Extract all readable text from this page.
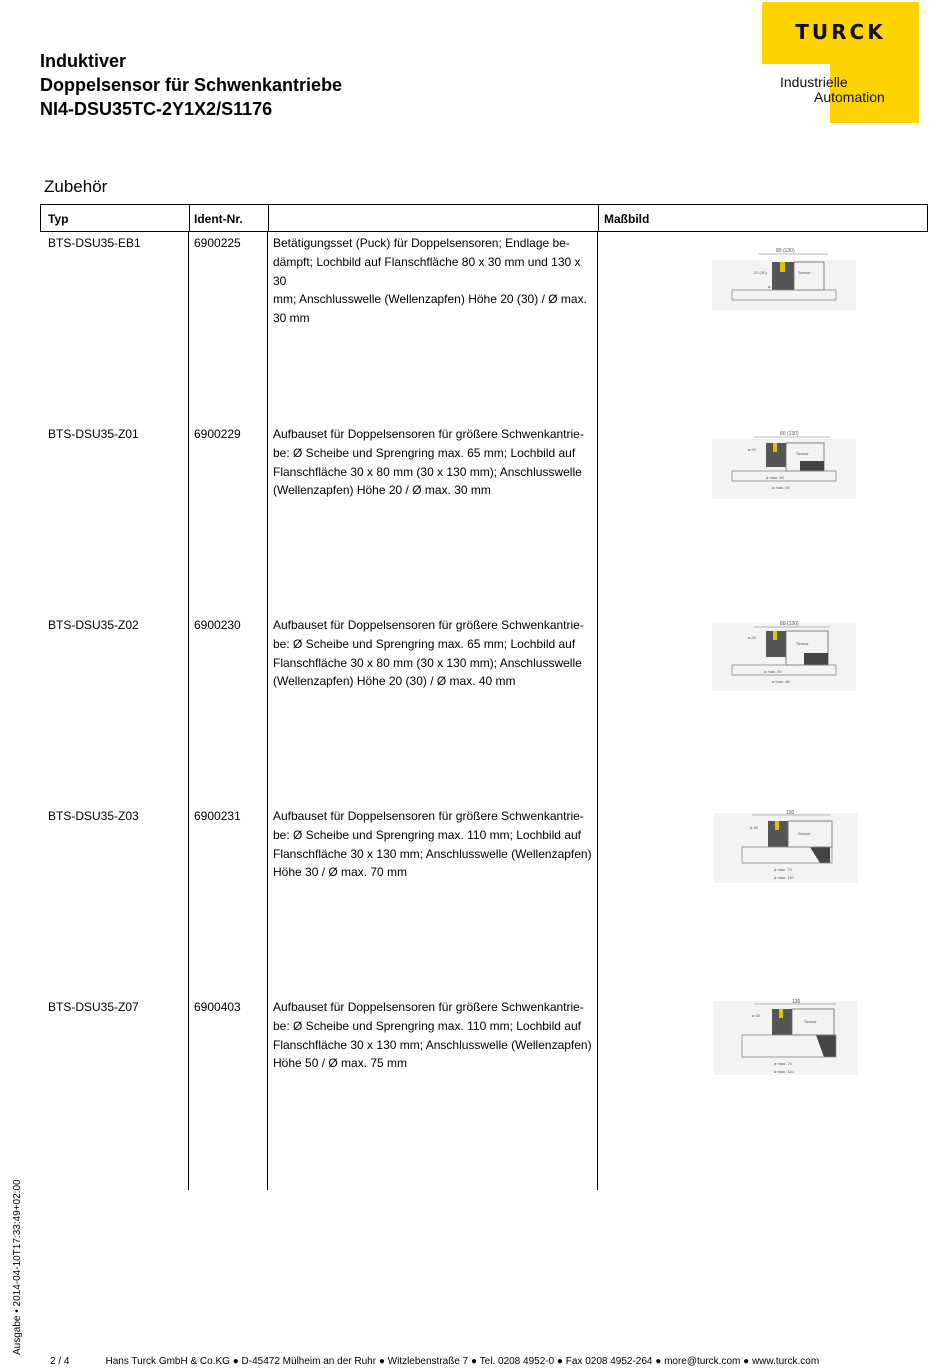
Induktiver
Doppelsensor für Schwenkantriebe
NI4-DSU35TC-2Y1X2/S1176
TURCK
Industrielle
Automation
Zubehör
Typ	Ident-Nr.	Maßbild
BTS-DSU35-EB1	6900225	Betätigungsset (Puck) für Doppelsensoren; Endlage be-
dämpft; Lochbild auf Flanschfläche 80 x 30 mm und 130 x 30
mm; Anschlusswelle (Wellenzapfen) Höhe 20 (30) / Ø max.
30 mm
80 (130)
20 (30)
ø 40
Sensor
BTS-DSU35-Z01	6900229	Aufbauset für Doppelsensoren für größere Schwenkantrie-
be: Ø Scheibe und Sprengring max. 65 mm; Lochbild auf
Flanschfläche 30 x 80 mm (30 x 130 mm); Anschlusswelle
(Wellenzapfen) Höhe 20 / Ø max. 30 mm
80 (130)
ø 40
ø max. 30
ø max. 65
Sensor
BTS-DSU35-Z02	6900230	Aufbauset für Doppelsensoren für größere Schwenkantrie-
be: Ø Scheibe und Sprengring max. 65 mm; Lochbild auf
Flanschfläche 30 x 80 mm (30 x 130 mm); Anschlusswelle
(Wellenzapfen) Höhe 20 (30) / Ø max. 40 mm
80 (130)
ø 40
ø max. 40
ø max. 65
Sensor
BTS-DSU35-Z03	6900231	Aufbauset für Doppelsensoren für größere Schwenkantrie-
be: Ø Scheibe und Sprengring max. 110 mm; Lochbild auf
Flanschfläche 30 x 130 mm; Anschlusswelle (Wellenzapfen)
Höhe 30 / Ø max. 70 mm
130
ø 40
ø max. 70
ø max. 110
Sensor
BTS-DSU35-Z07	6900403	Aufbauset für Doppelsensoren für größere Schwenkantrie-
be: Ø Scheibe und Sprengring max. 110 mm; Lochbild auf
Flanschfläche 30 x 130 mm; Anschlusswelle (Wellenzapfen)
Höhe 50 / Ø max. 75 mm
130
ø 40
ø max. 75
ø max. 110
Sensor
Ausgabe • 2014-04-10T17:33:49+02:00
2 / 4	Hans Turck GmbH & Co.KG ● D-45472 Mülheim an der Ruhr ● Witzlebenstraße 7 ● Tel. 0208 4952-0 ● Fax 0208 4952-264 ● more@turck.com ● www.turck.com
